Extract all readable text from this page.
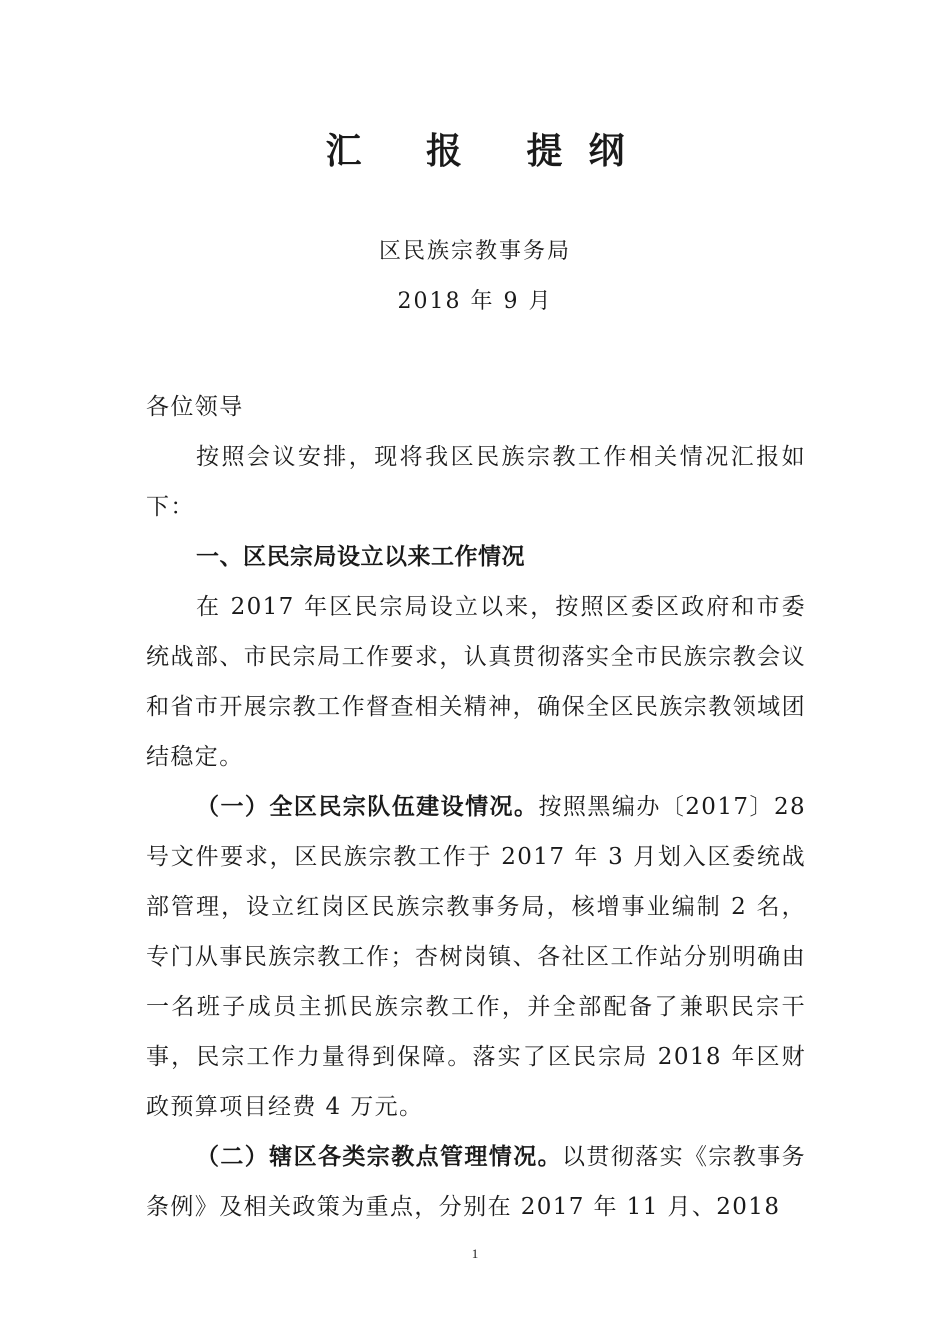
汇 报 提纲
区民族宗教事务局
2018 年 9 月

各位领导

按照会议安排，现将我区民族宗教工作相关情况汇报如下：

一、区民宗局设立以来工作情况

在 2017 年区民宗局设立以来，按照区委区政府和市委统战部、市民宗局工作要求，认真贯彻落实全市民族宗教会议和省市开展宗教工作督查相关精神，确保全区民族宗教领域团结稳定。

（一）全区民宗队伍建设情况。按照黑编办〔2017〕28 号文件要求，区民族宗教工作于 2017 年 3 月划入区委统战部管理，设立红岗区民族宗教事务局，核增事业编制 2 名，专门从事民族宗教工作；杏树岗镇、各社区工作站分别明确由一名班子成员主抓民族宗教工作，并全部配备了兼职民宗干事，民宗工作力量得到保障。落实了区民宗局 2018 年区财政预算项目经费 4 万元。

（二）辖区各类宗教点管理情况。以贯彻落实《宗教事务条例》及相关政策为重点，分别在 2017 年 11 月、2018

1
